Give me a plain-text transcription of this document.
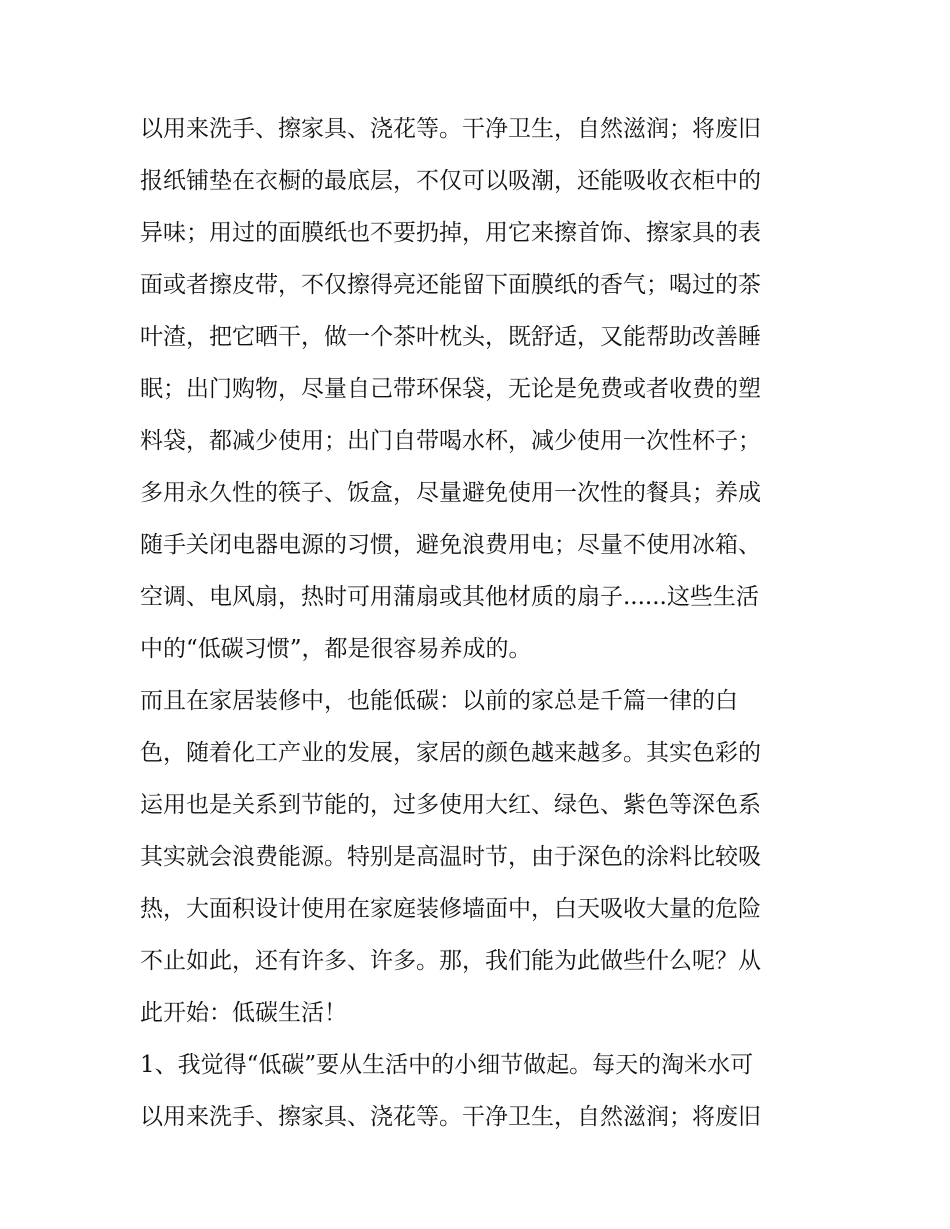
以用来洗手、擦家具、浇花等。干净卫生，自然滋润；将废旧
报纸铺垫在衣橱的最底层，不仅可以吸潮，还能吸收衣柜中的
异味；用过的面膜纸也不要扔掉，用它来擦首饰、擦家具的表
面或者擦皮带，不仅擦得亮还能留下面膜纸的香气；喝过的茶
叶渣，把它晒干，做一个茶叶枕头，既舒适，又能帮助改善睡
眠；出门购物，尽量自己带环保袋，无论是免费或者收费的塑
料袋，都减少使用；出门自带喝水杯，减少使用一次性杯子；
多用永久性的筷子、饭盒，尽量避免使用一次性的餐具；养成
随手关闭电器电源的习惯，避免浪费用电；尽量不使用冰箱、
空调、电风扇，热时可用蒲扇或其他材质的扇子......这些生活
中的“低碳习惯”，都是很容易养成的。
而且在家居装修中，也能低碳：以前的家总是千篇一律的白
色，随着化工产业的发展，家居的颜色越来越多。其实色彩的
运用也是关系到节能的，过多使用大红、绿色、紫色等深色系
其实就会浪费能源。特别是高温时节，由于深色的涂料比较吸
热，大面积设计使用在家庭装修墙面中，白天吸收大量的危险
不止如此，还有许多、许多。那，我们能为此做些什么呢？从
此开始：低碳生活！
1、我觉得“低碳”要从生活中的小细节做起。每天的淘米水可
以用来洗手、擦家具、浇花等。干净卫生，自然滋润；将废旧
